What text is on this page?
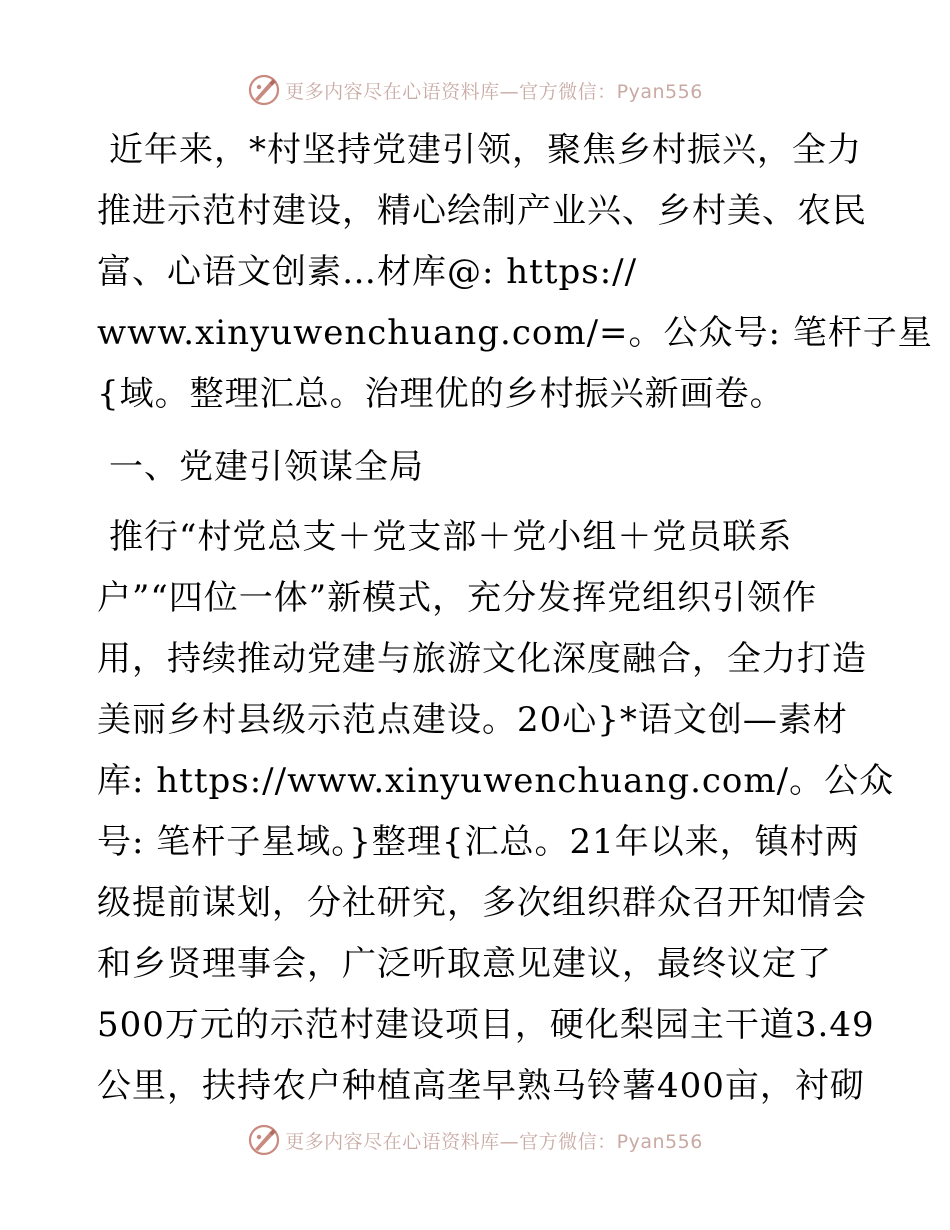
更多内容尽在心语资料库—官方微信：Pyan556
近年来，*村坚持党建引领，聚焦乡村振兴，全力
推进示范村建设，精心绘制产业兴、乡村美、农民
富、心语文创素…材库@: https://
www.xinyuwenchuang.com/=。公众号: 笔杆子星
{域。整理汇总。治理优的乡村振兴新画卷。
一、党建引领谋全局
推行“村党总支＋党支部＋党小组＋党员联系
户”“四位一体”新模式，充分发挥党组织引领作
用，持续推动党建与旅游文化深度融合，全力打造
美丽乡村县级示范点建设。20心}*语文创—素材
库: https://www.xinyuwenchuang.com/。公众
号: 笔杆子星域。}整理{汇总。21年以来，镇村两
级提前谋划，分社研究，多次组织群众召开知情会
和乡贤理事会，广泛听取意见建议，最终议定了
500万元的示范村建设项目，硬化梨园主干道3.49
公里，扶持农户种植高垄早熟马铃薯400亩，衬砌
更多内容尽在心语资料库—官方微信：Pyan556
